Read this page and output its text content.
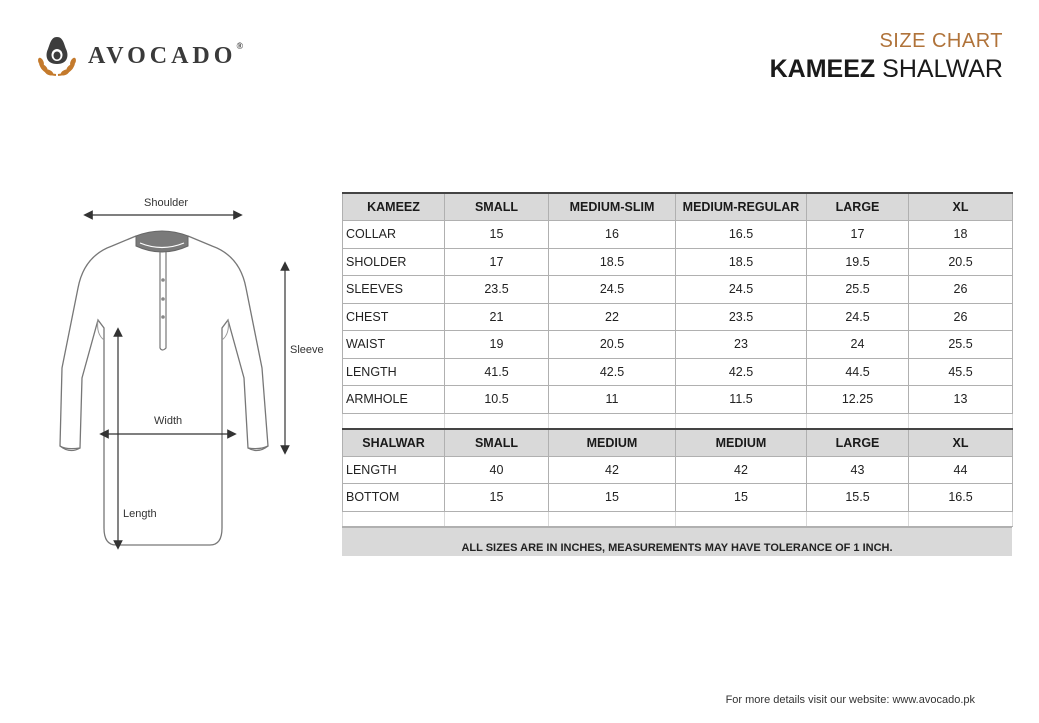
AVOCADO®	SIZE CHART
KAMEEZ SHALWAR
Shoulder
Sleeve
Width
Length
KAMEEZ	SMALL	MEDIUM-SLIM	MEDIUM-REGULAR	LARGE	XL
COLLAR	15	16	16.5	17	18
SHOLDER	17	18.5	18.5	19.5	20.5
SLEEVES	23.5	24.5	24.5	25.5	26
CHEST	21	22	23.5	24.5	26
WAIST	19	20.5	23	24	25.5
LENGTH	41.5	42.5	42.5	44.5	45.5
ARMHOLE	10.5	11	11.5	12.25	13

SHALWAR	SMALL	MEDIUM	MEDIUM	LARGE	XL
LENGTH	40	42	42	43	44
BOTTOM	15	15	15	15.5	16.5

ALL SIZES ARE IN INCHES, MEASUREMENTS MAY HAVE TOLERANCE OF 1 INCH.
For more details visit our website: www.avocado.pk
